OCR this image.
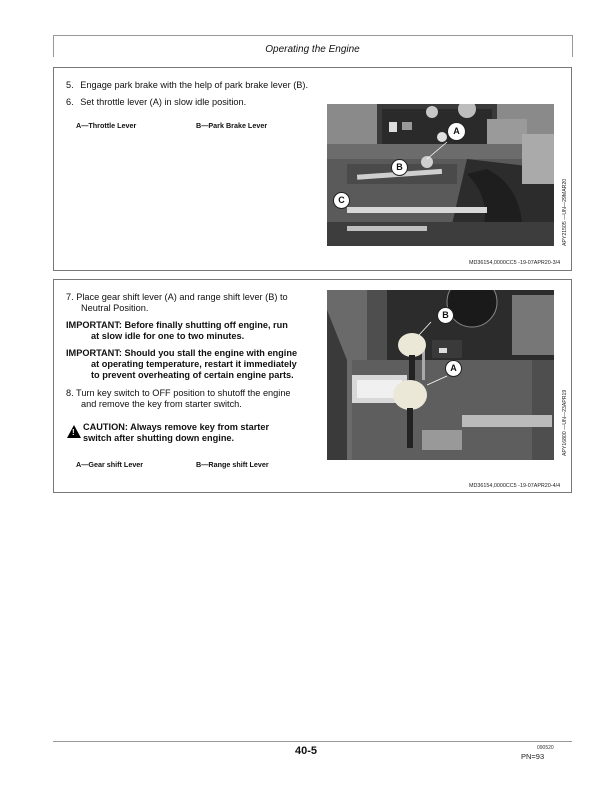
Operating the Engine
5. Engage park brake with the help of park brake lever (B).
6. Set throttle lever (A) in slow idle position.
A—Throttle Lever	B—Park Brake Lever
A
B
C	APY21505 —UN—29MAR20
MD36154,0000CC5 -19-07APR20-3/4
7. Place gear shift lever (A) and range shift lever (B) to
Neutral Position.
IMPORTANT: Before finally shutting off engine, run
at slow idle for one to two minutes.
IMPORTANT: Should you stall the engine with engine
at operating temperature, restart it immediately
to prevent overheating of certain engine parts.
8. Turn key switch to OFF position to shutoff the engine
and remove the key from starter switch.
!
CAUTION: Always remove key from starter
switch after shutting down engine.
A—Gear shift Lever	B—Range shift Lever
B
A
APY16800 —UN—23APR19
MD36154,0000CC5 -19-07APR20-4/4
40-5	090520
PN=93
